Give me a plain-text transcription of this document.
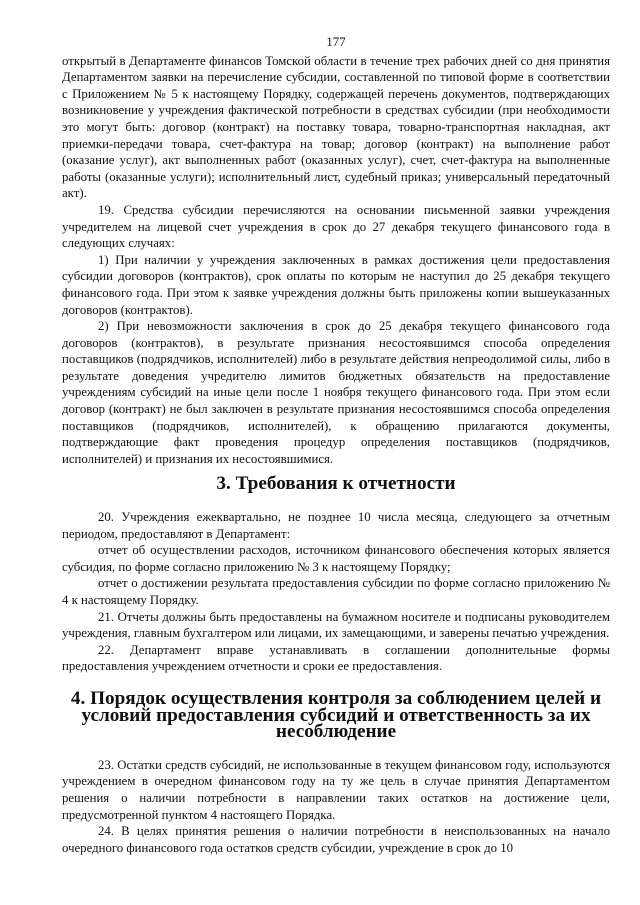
177

открытый в Департаменте финансов Томской области в течение трех рабочих дней со дня принятия Департаментом заявки на перечисление субсидии, составленной по типовой форме в соответствии с Приложением № 5 к настоящему Порядку, содержащей перечень документов, подтверждающих возникновение у учреждения фактической потребности в средствах субсидии (при необходимости это могут быть: договор (контракт) на поставку товара, товарно-транспортная накладная, акт приемки-передачи товара, счет-фактура на товар; договор (контракт) на выполнение работ (оказание услуг), акт выполненных работ (оказанных услуг), счет, счет-фактура на выполненные работы (оказанные услуги); исполнительный лист, судебный приказ; универсальный передаточный акт).

19. Средства субсидии перечисляются на основании письменной заявки учреждения учредителем на лицевой счет учреждения в срок до 27 декабря текущего финансового года в следующих случаях:

1) При наличии у учреждения заключенных в рамках достижения цели предоставления субсидии договоров (контрактов), срок оплаты по которым не наступил до 25 декабря текущего финансового года. При этом к заявке учреждения должны быть приложены копии вышеуказанных договоров (контрактов).

2) При невозможности заключения в срок до 25 декабря текущего финансового года договоров (контрактов), в результате признания несостоявшимся способа определения поставщиков (подрядчиков, исполнителей) либо в результате действия непреодолимой силы, либо в результате доведения учредителю лимитов бюджетных обязательств на предоставление учреждениям субсидий на иные цели после 1 ноября текущего финансового года. При этом если договор (контракт) не был заключен в результате признания несостоявшимся способа определения поставщиков (подрядчиков, исполнителей), к обращению прилагаются документы, подтверждающие факт проведения процедур определения поставщиков (подрядчиков, исполнителей) и признания их несостоявшимися.

3. Требования к отчетности

20. Учреждения ежеквартально, не позднее 10 числа месяца, следующего за отчетным периодом, предоставляют в Департамент:

отчет об осуществлении расходов, источником финансового обеспечения которых является субсидия, по форме согласно приложению № 3 к настоящему Порядку;

отчет о достижении результата предоставления субсидии по форме согласно приложению № 4 к настоящему Порядку.

21. Отчеты должны быть предоставлены на бумажном носителе и подписаны руководителем учреждения, главным бухгалтером или лицами, их замещающими, и заверены печатью учреждения.

22. Департамент вправе устанавливать в соглашении дополнительные формы предоставления учреждением отчетности и сроки ее предоставления.

4. Порядок осуществления контроля за соблюдением целей и условий предоставления субсидий и ответственность за их несоблюдение

23. Остатки средств субсидий, не использованные в текущем финансовом году, используются учреждением в очередном финансовом году на ту же цель в случае принятия Департаментом решения о наличии потребности в направлении таких остатков на достижение цели, предусмотренной пунктом 4 настоящего Порядка.

24. В целях принятия решения о наличии потребности в неиспользованных на начало очередного финансового года остатков средств субсидии, учреждение в срок до 10
